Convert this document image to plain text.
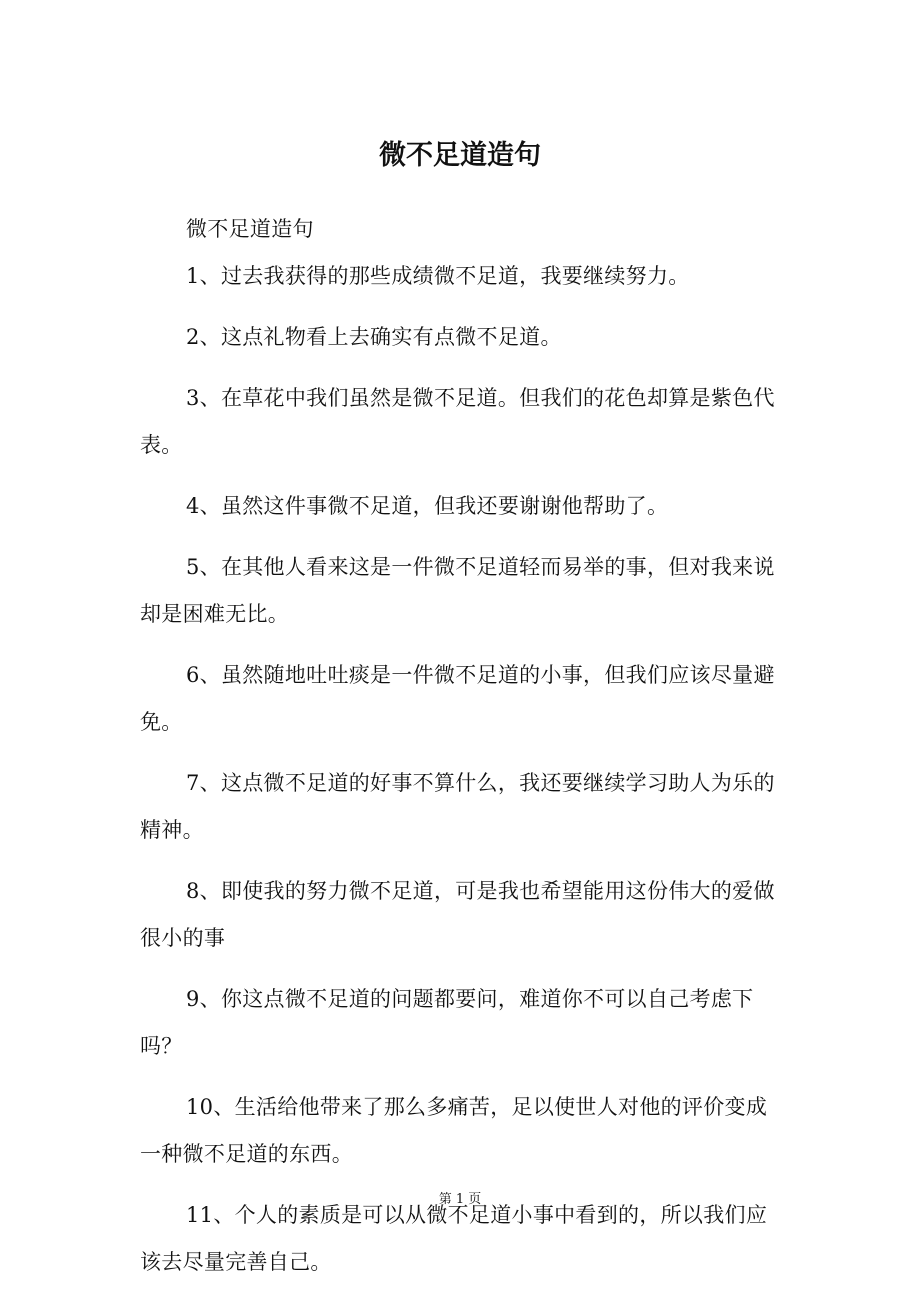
微不足道造句

微不足道造句

1、过去我获得的那些成绩微不足道，我要继续努力。

2、这点礼物看上去确实有点微不足道。

3、在草花中我们虽然是微不足道。但我们的花色却算是紫色代表。

4、虽然这件事微不足道，但我还要谢谢他帮助了。

5、在其他人看来这是一件微不足道轻而易举的事，但对我来说却是困难无比。

6、虽然随地吐吐痰是一件微不足道的小事，但我们应该尽量避免。

7、这点微不足道的好事不算什么，我还要继续学习助人为乐的精神。

8、即使我的努力微不足道，可是我也希望能用这份伟大的爱做很小的事

9、你这点微不足道的问题都要问，难道你不可以自己考虑下吗？

10、生活给他带来了那么多痛苦，足以使世人对他的评价变成一种微不足道的东西。

11、个人的素质是可以从微不足道小事中看到的，所以我们应该去尽量完善自己。

第 1 页
